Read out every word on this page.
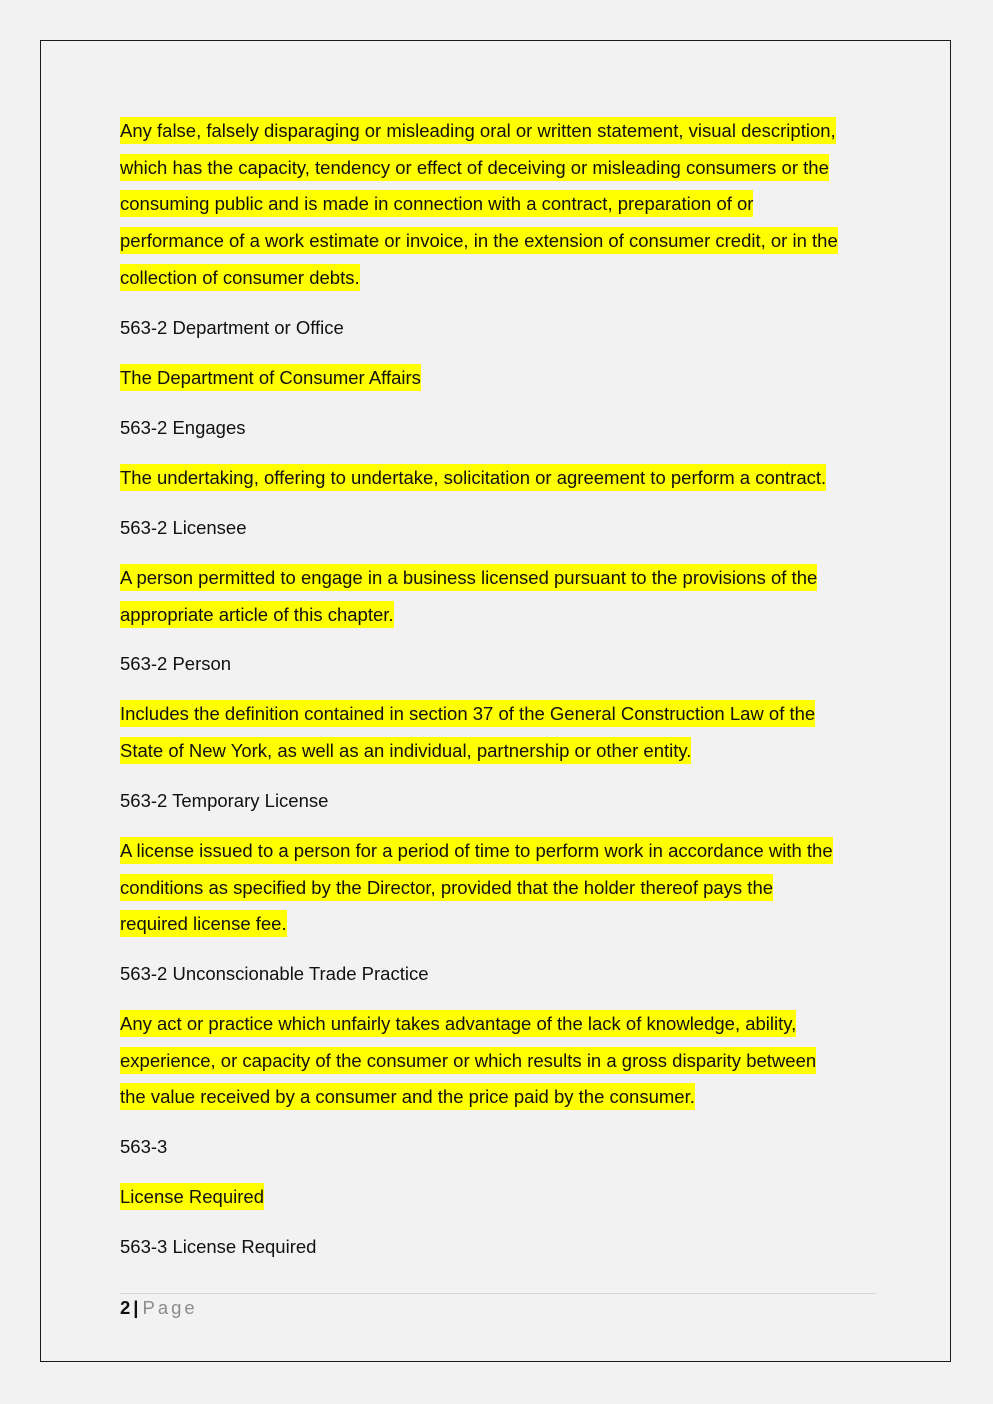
Any false, falsely disparaging or misleading oral or written statement, visual description,
which has the capacity, tendency or effect of deceiving or misleading consumers or the
consuming public and is made in connection with a contract, preparation of or
performance of a work estimate or invoice, in the extension of consumer credit, or in the
collection of consumer debts.
563-2 Department or Office
The Department of Consumer Affairs
563-2 Engages
The undertaking, offering to undertake, solicitation or agreement to perform a contract.
563-2 Licensee
A person permitted to engage in a business licensed pursuant to the provisions of the
appropriate article of this chapter.
563-2 Person
Includes the definition contained in section 37 of the General Construction Law of the
State of New York, as well as an individual, partnership or other entity.
563-2 Temporary License
A license issued to a person for a period of time to perform work in accordance with the
conditions as specified by the Director, provided that the holder thereof pays the
required license fee.
563-2 Unconscionable Trade Practice
Any act or practice which unfairly takes advantage of the lack of knowledge, ability,
experience, or capacity of the consumer or which results in a gross disparity between
the value received by a consumer and the price paid by the consumer.
563-3
License Required
563-3 License Required
2 | Page
